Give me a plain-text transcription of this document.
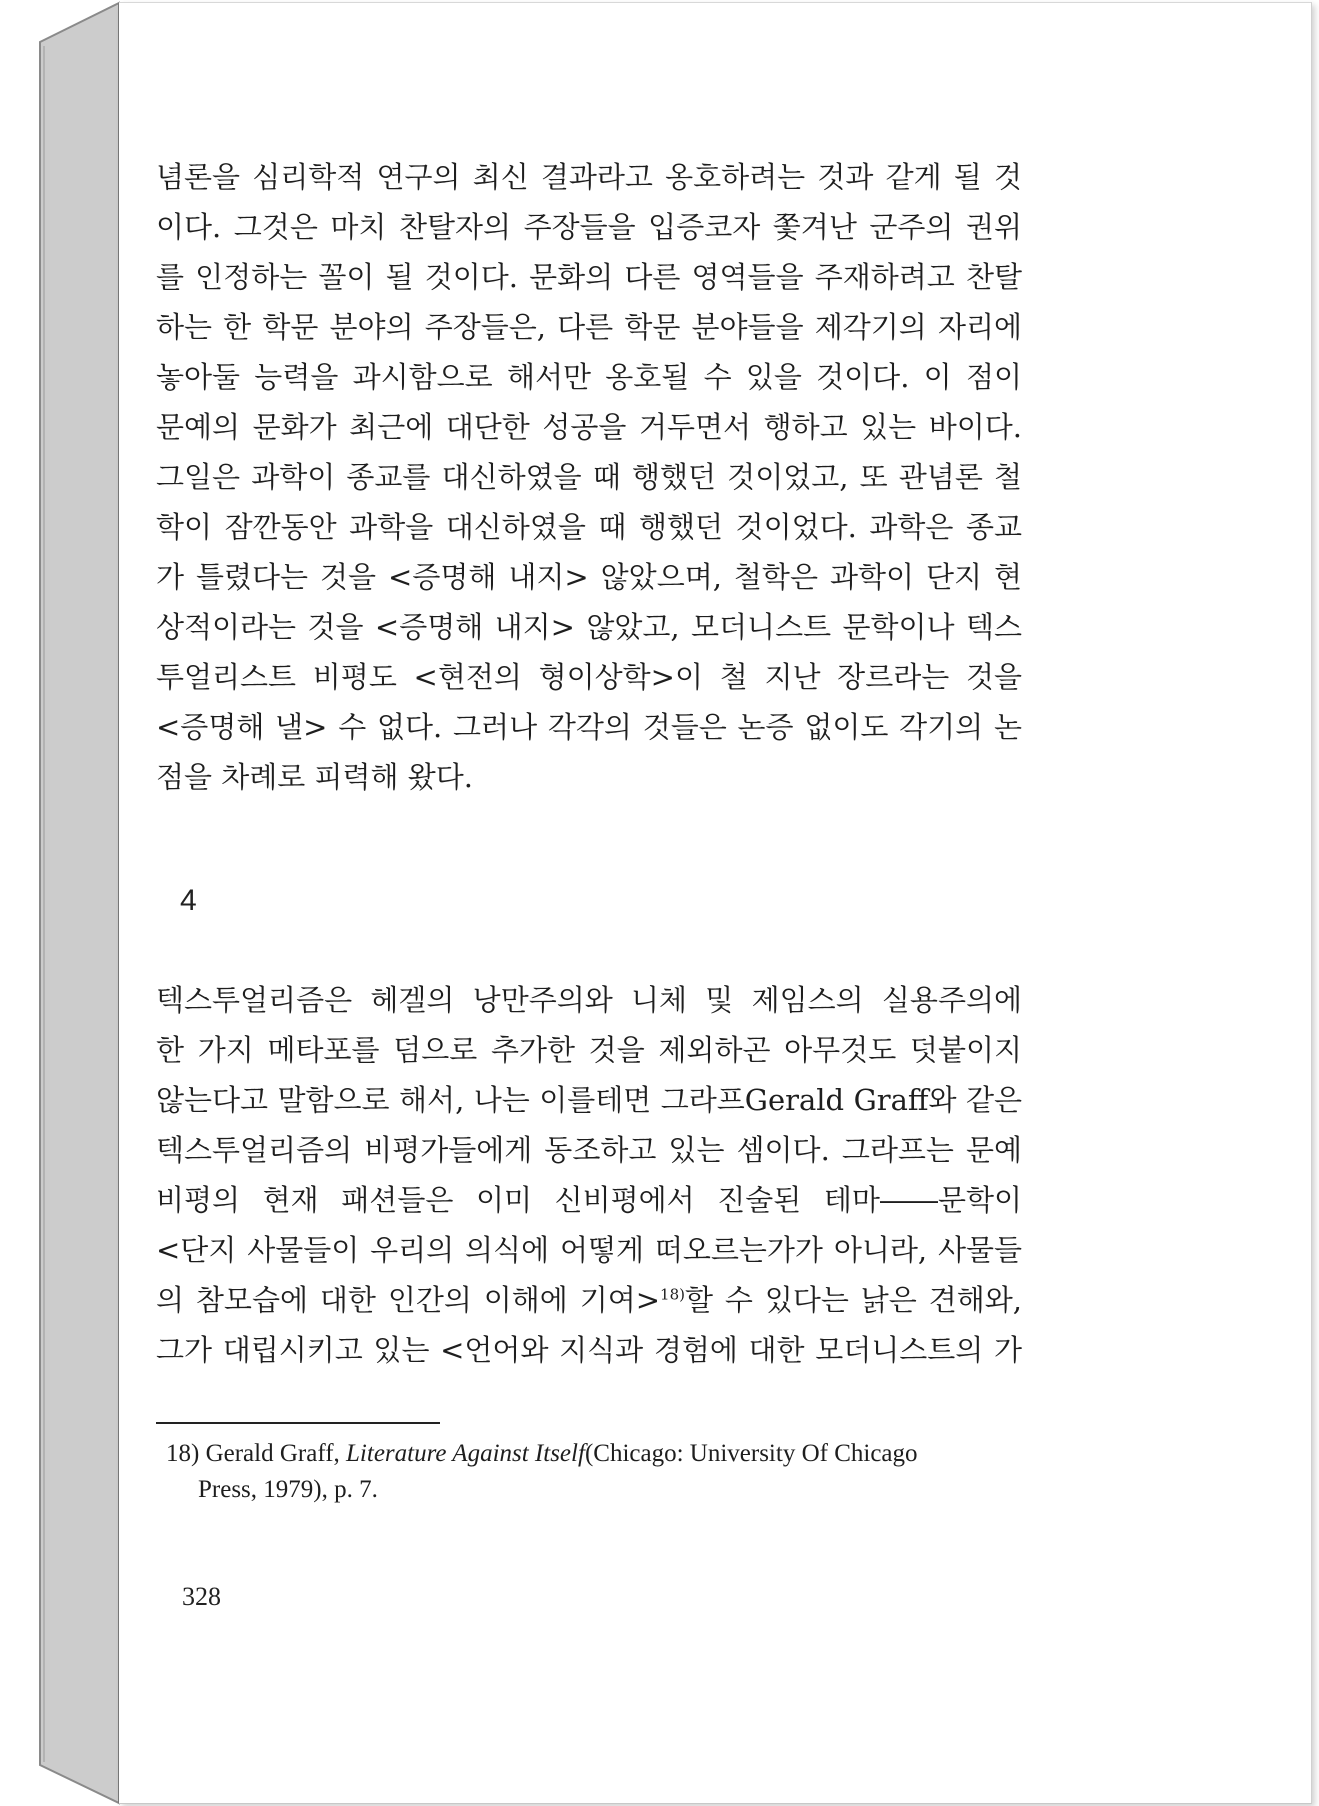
념론을 심리학적 연구의 최신 결과라고 옹호하려는 것과 같게 될 것
이다. 그것은 마치 찬탈자의 주장들을 입증코자 쫓겨난 군주의 권위
를 인정하는 꼴이 될 것이다. 문화의 다른 영역들을 주재하려고 찬탈
하는 한 학문 분야의 주장들은, 다른 학문 분야들을 제각기의 자리에
놓아둘 능력을 과시함으로 해서만 옹호될 수 있을 것이다. 이 점이
문예의 문화가 최근에 대단한 성공을 거두면서 행하고 있는 바이다.
그일은 과학이 종교를 대신하였을 때 행했던 것이었고, 또 관념론 철
학이 잠깐동안 과학을 대신하였을 때 행했던 것이었다. 과학은 종교
가 틀렸다는 것을 <증명해 내지> 않았으며, 철학은 과학이 단지 현
상적이라는 것을 <증명해 내지> 않았고, 모더니스트 문학이나 텍스
투얼리스트 비평도 <현전의 형이상학>이 철 지난 장르라는 것을
<증명해 낼> 수 없다. 그러나 각각의 것들은 논증 없이도 각기의 논
점을 차례로 피력해 왔다.
4
텍스투얼리즘은 헤겔의 낭만주의와 니체 및 제임스의 실용주의에
한 가지 메타포를 덤으로 추가한 것을 제외하곤 아무것도 덧붙이지
않는다고 말함으로 해서, 나는 이를테면 그라프Gerald Graff와 같은
텍스투얼리즘의 비평가들에게 동조하고 있는 셈이다. 그라프는 문예
비평의 현재 패션들은 이미 신비평에서 진술된 테마――문학이
<단지 사물들이 우리의 의식에 어떻게 떠오르는가가 아니라, 사물들
의 참모습에 대한 인간의 이해에 기여>$^{18)}$할 수 있다는 낡은 견해와,
그가 대립시키고 있는 <언어와 지식과 경험에 대한 모더니스트의 가
18) Gerald Graff, Literature Against Itself(Chicago: University Of Chicago
Press, 1979), p. 7.
328
